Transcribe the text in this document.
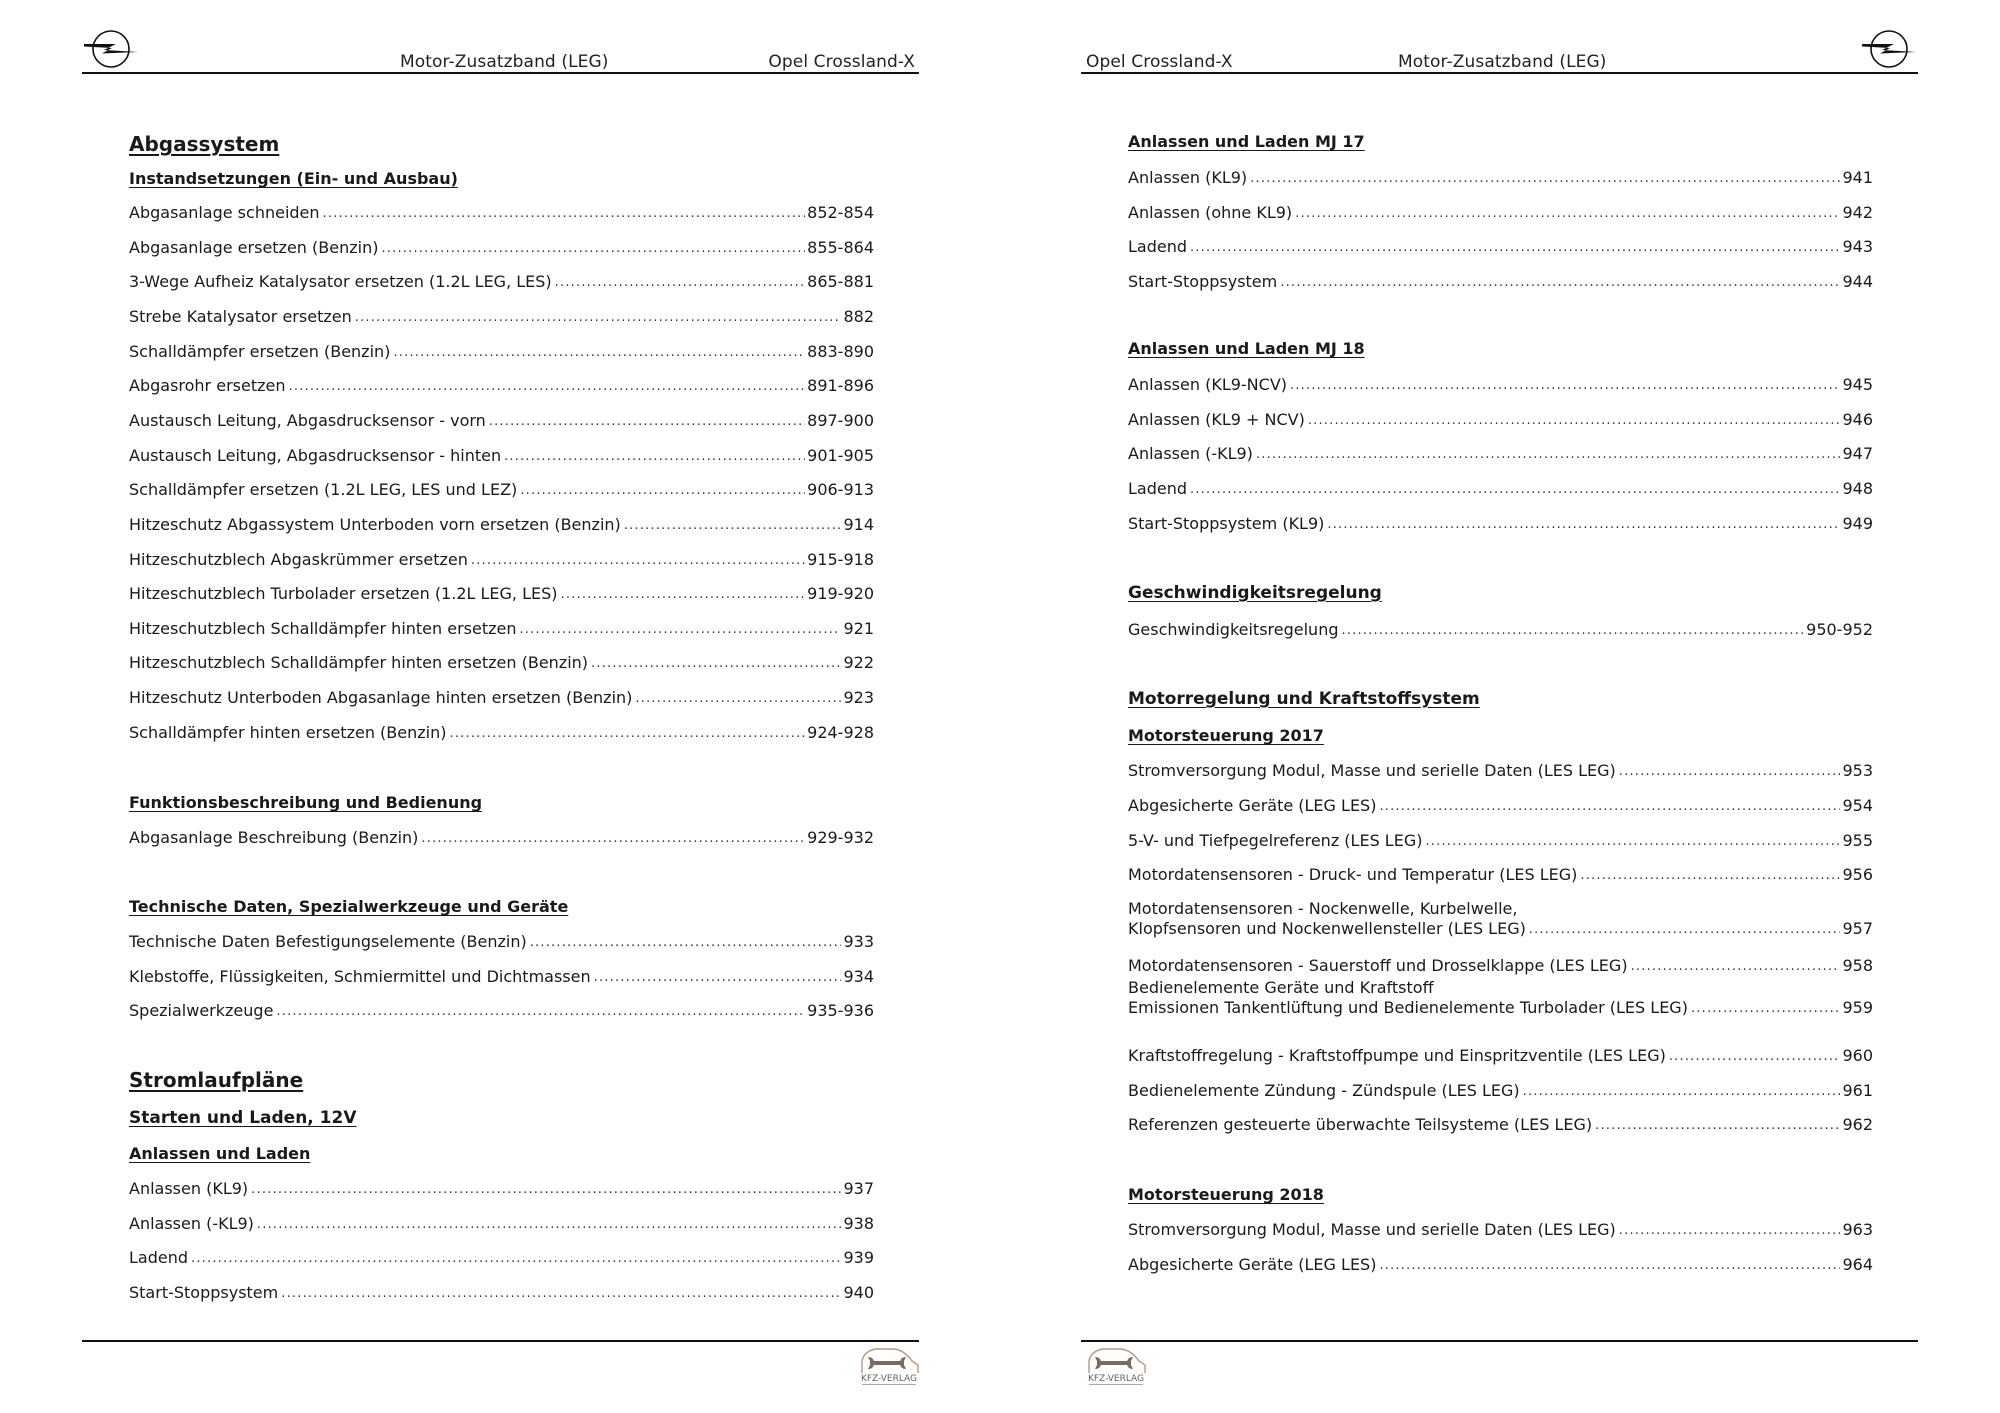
Motor-Zusatzband (LEG)	Opel Crossland-X
Abgassystem
Instandsetzungen (Ein- und Ausbau)
Abgasanlage schneiden .....	852-854
Abgasanlage ersetzen (Benzin) .....	855-864
3-Wege Aufheiz Katalysator ersetzen (1.2L LEG, LES) .....	865-881
Strebe Katalysator ersetzen .....	882
Schalldämpfer ersetzen (Benzin) .....	883-890
Abgasrohr ersetzen .....	891-896
Austausch Leitung, Abgasdrucksensor - vorn .....	897-900
Austausch Leitung, Abgasdrucksensor - hinten .....	901-905
Schalldämpfer ersetzen (1.2L LEG, LES und LEZ) .....	906-913
Hitzeschutz Abgassystem Unterboden vorn ersetzen (Benzin) .....	914
Hitzeschutzblech Abgaskrümmer ersetzen .....	915-918
Hitzeschutzblech Turbolader ersetzen (1.2L LEG, LES) .....	919-920
Hitzeschutzblech Schalldämpfer hinten ersetzen .....	921
Hitzeschutzblech Schalldämpfer hinten ersetzen (Benzin) .....	922
Hitzeschutz Unterboden Abgasanlage hinten ersetzen (Benzin) .....	923
Schalldämpfer hinten ersetzen (Benzin) .....	924-928
Funktionsbeschreibung und Bedienung
Abgasanlage Beschreibung (Benzin) .....	929-932
Technische Daten, Spezialwerkzeuge und Geräte
Technische Daten Befestigungselemente (Benzin) .....	933
Klebstoffe, Flüssigkeiten, Schmiermittel und Dichtmassen .....	934
Spezialwerkzeuge .....	935-936
Stromlaufpläne
Starten und Laden, 12V
Anlassen und Laden
Anlassen (KL9) .....	937
Anlassen (-KL9) .....	938
Ladend .....	939
Start-Stoppsystem .....	940
KFZ-VERLAG
Opel Crossland-X	Motor-Zusatzband (LEG)
Anlassen und Laden MJ 17
Anlassen (KL9) .....	941
Anlassen (ohne KL9) .....	942
Ladend .....	943
Start-Stoppsystem .....	944
Anlassen und Laden MJ 18
Anlassen (KL9-NCV) .....	945
Anlassen (KL9 + NCV) .....	946
Anlassen (-KL9) .....	947
Ladend .....	948
Start-Stoppsystem (KL9) .....	949
Geschwindigkeitsregelung
Geschwindigkeitsregelung .....	950-952
Motorregelung und Kraftstoffsystem
Motorsteuerung 2017
Stromversorgung Modul, Masse und serielle Daten (LES LEG) .....	953
Abgesicherte Geräte (LEG LES) .....	954
5-V- und Tiefpegelreferenz (LES LEG) .....	955
Motordatensensoren - Druck- und Temperatur (LES LEG) .....	956
Motordatensensoren - Nockenwelle, Kurbelwelle,
Klopfsensoren und Nockenwellensteller (LES LEG) .....	957
Motordatensensoren - Sauerstoff und Drosselklappe (LES LEG) .....	958
Bedienelemente Geräte und Kraftstoff
Emissionen Tankentlüftung und Bedienelemente Turbolader (LES LEG) .....	959
Kraftstoffregelung - Kraftstoffpumpe und Einspritzventile (LES LEG) .....	960
Bedienelemente Zündung - Zündspule (LES LEG) .....	961
Referenzen gesteuerte überwachte Teilsysteme (LES LEG) .....	962
Motorsteuerung 2018
Stromversorgung Modul, Masse und serielle Daten (LES LEG) .....	963
Abgesicherte Geräte (LEG LES) .....	964
KFZ-VERLAG
